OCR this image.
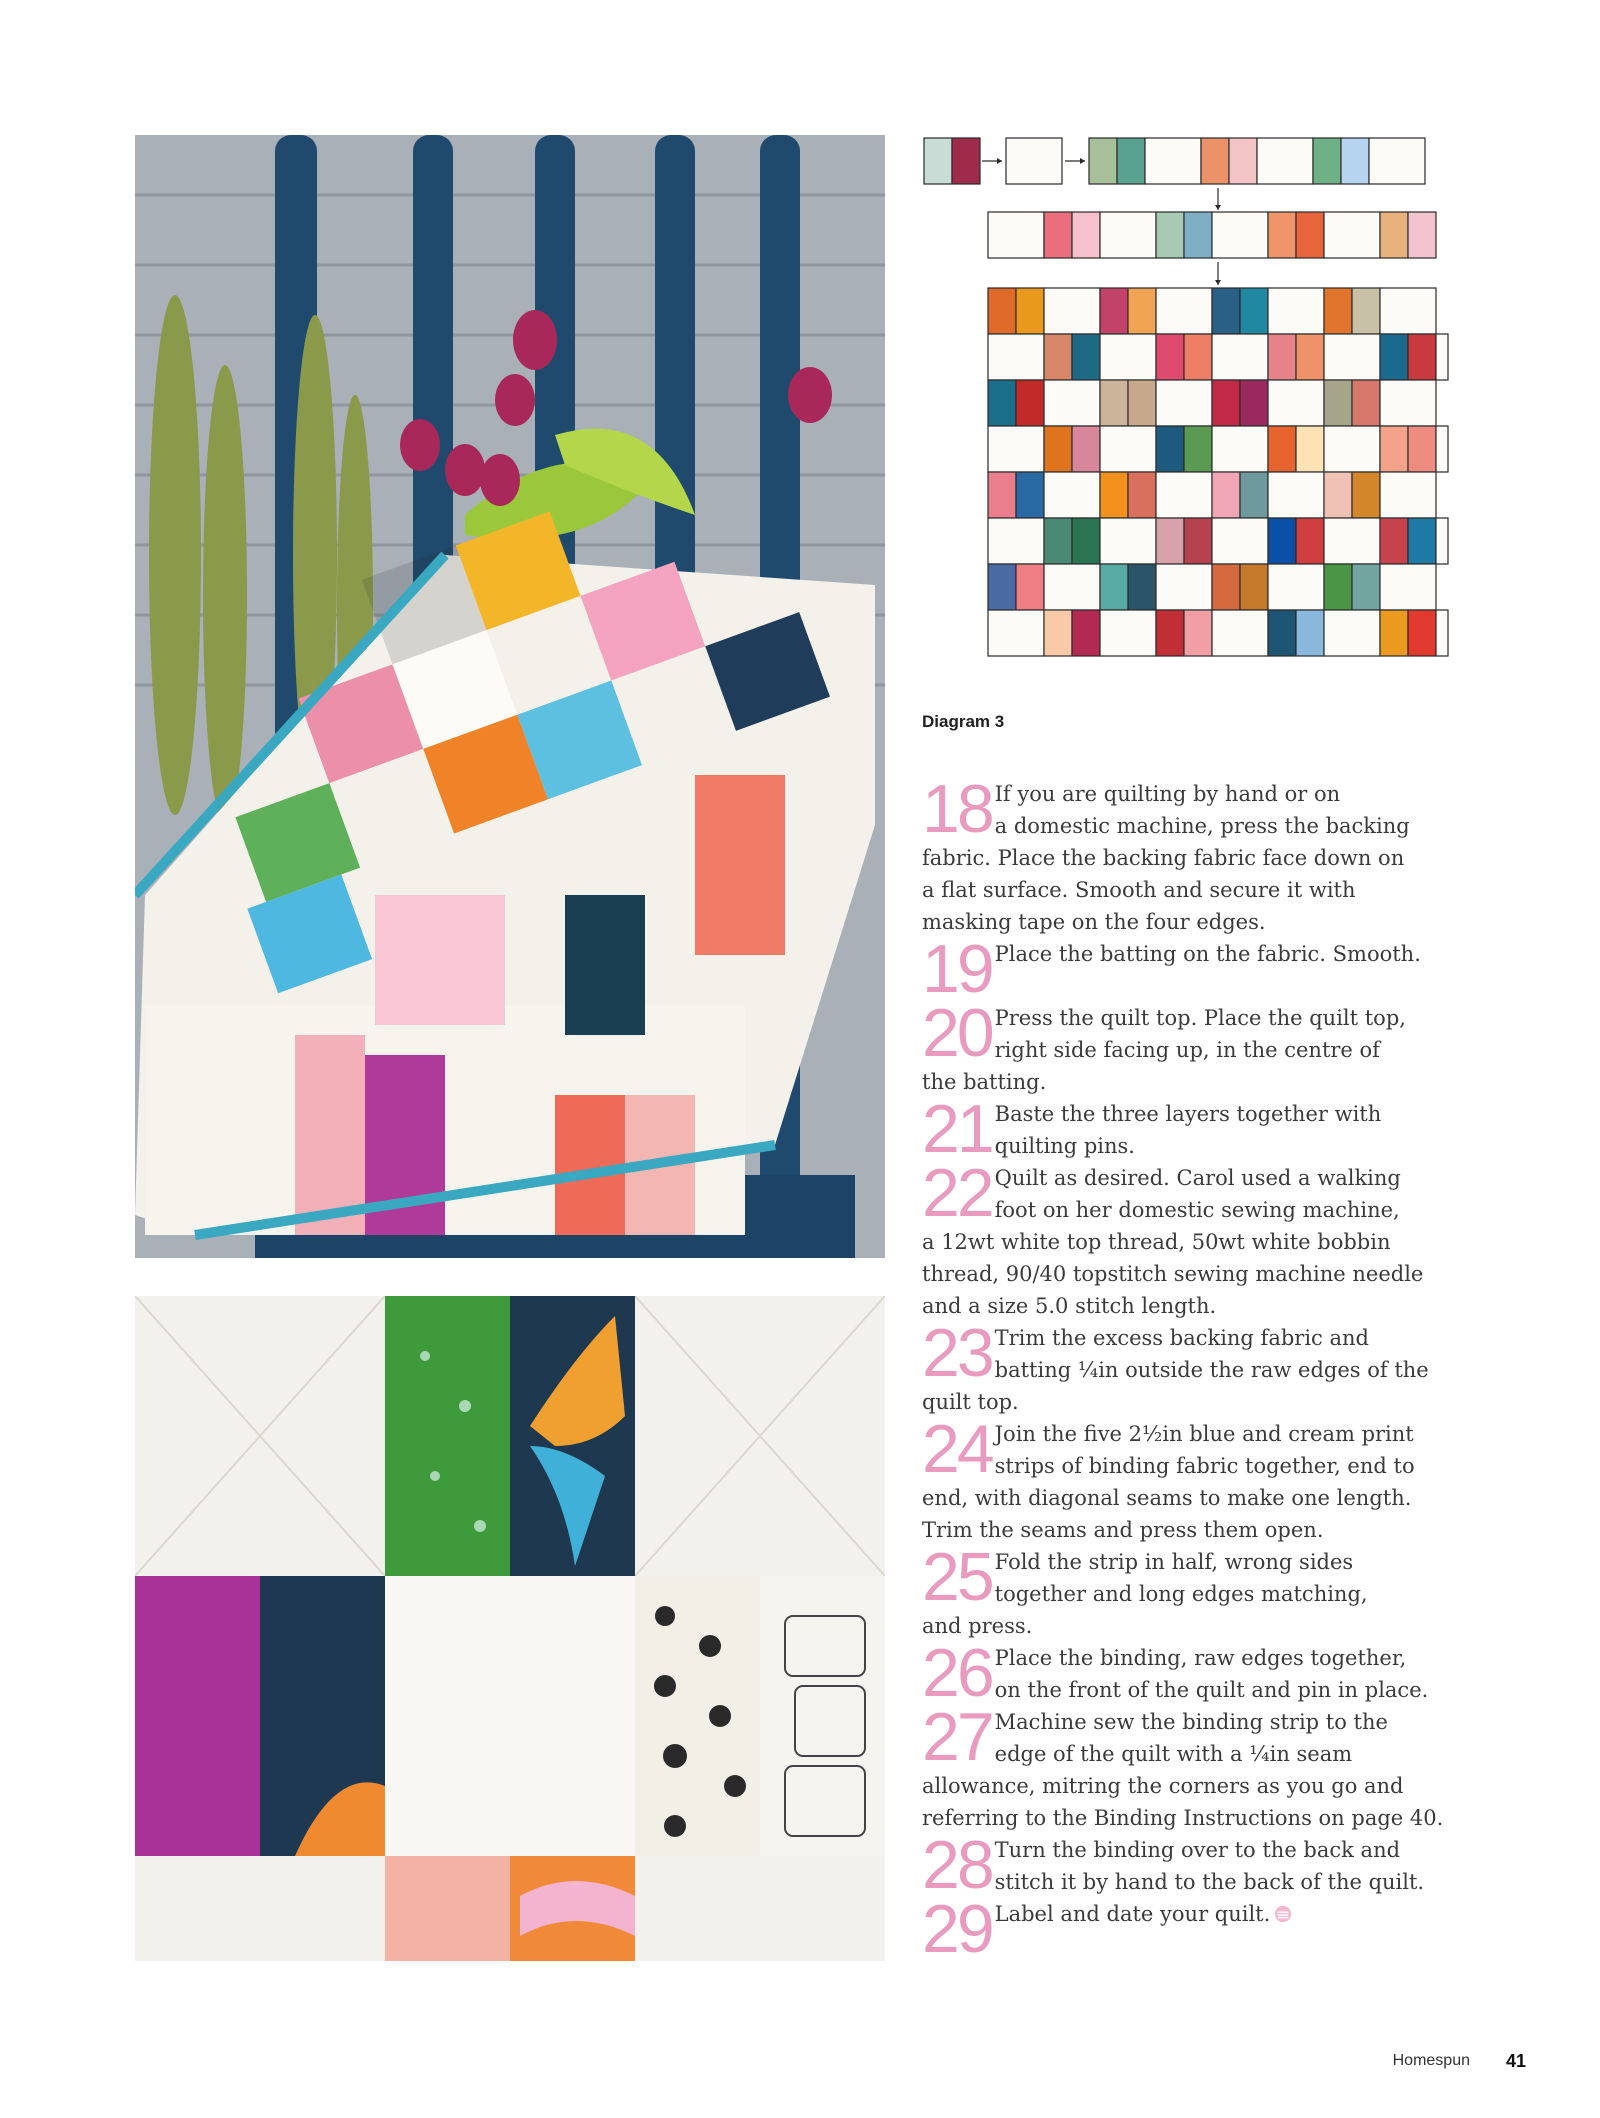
Diagram 3
18 If you are quilting by hand or on
a domestic machine, press the backing
fabric. Place the backing fabric face down on
a flat surface. Smooth and secure it with
masking tape on the four edges.
19 Place the batting on the fabric. Smooth.
20 Press the quilt top. Place the quilt top,
right side facing up, in the centre of
the batting.
21 Baste the three layers together with
quilting pins.
22 Quilt as desired. Carol used a walking
foot on her domestic sewing machine,
a 12wt white top thread, 50wt white bobbin
thread, 90/40 topstitch sewing machine needle
and a size 5.0 stitch length.
23 Trim the excess backing fabric and
batting ¼in outside the raw edges of the
quilt top.
24 Join the five 2½in blue and cream print
strips of binding fabric together, end to
end, with diagonal seams to make one length.
Trim the seams and press them open.
25 Fold the strip in half, wrong sides
together and long edges matching,
and press.
26 Place the binding, raw edges together,
on the front of the quilt and pin in place.
27 Machine sew the binding strip to the
edge of the quilt with a ¼in seam
allowance, mitring the corners as you go and
referring to the Binding Instructions on page 40.
28 Turn the binding over to the back and
stitch it by hand to the back of the quilt.
29 Label and date your quilt.
Homespun 41
